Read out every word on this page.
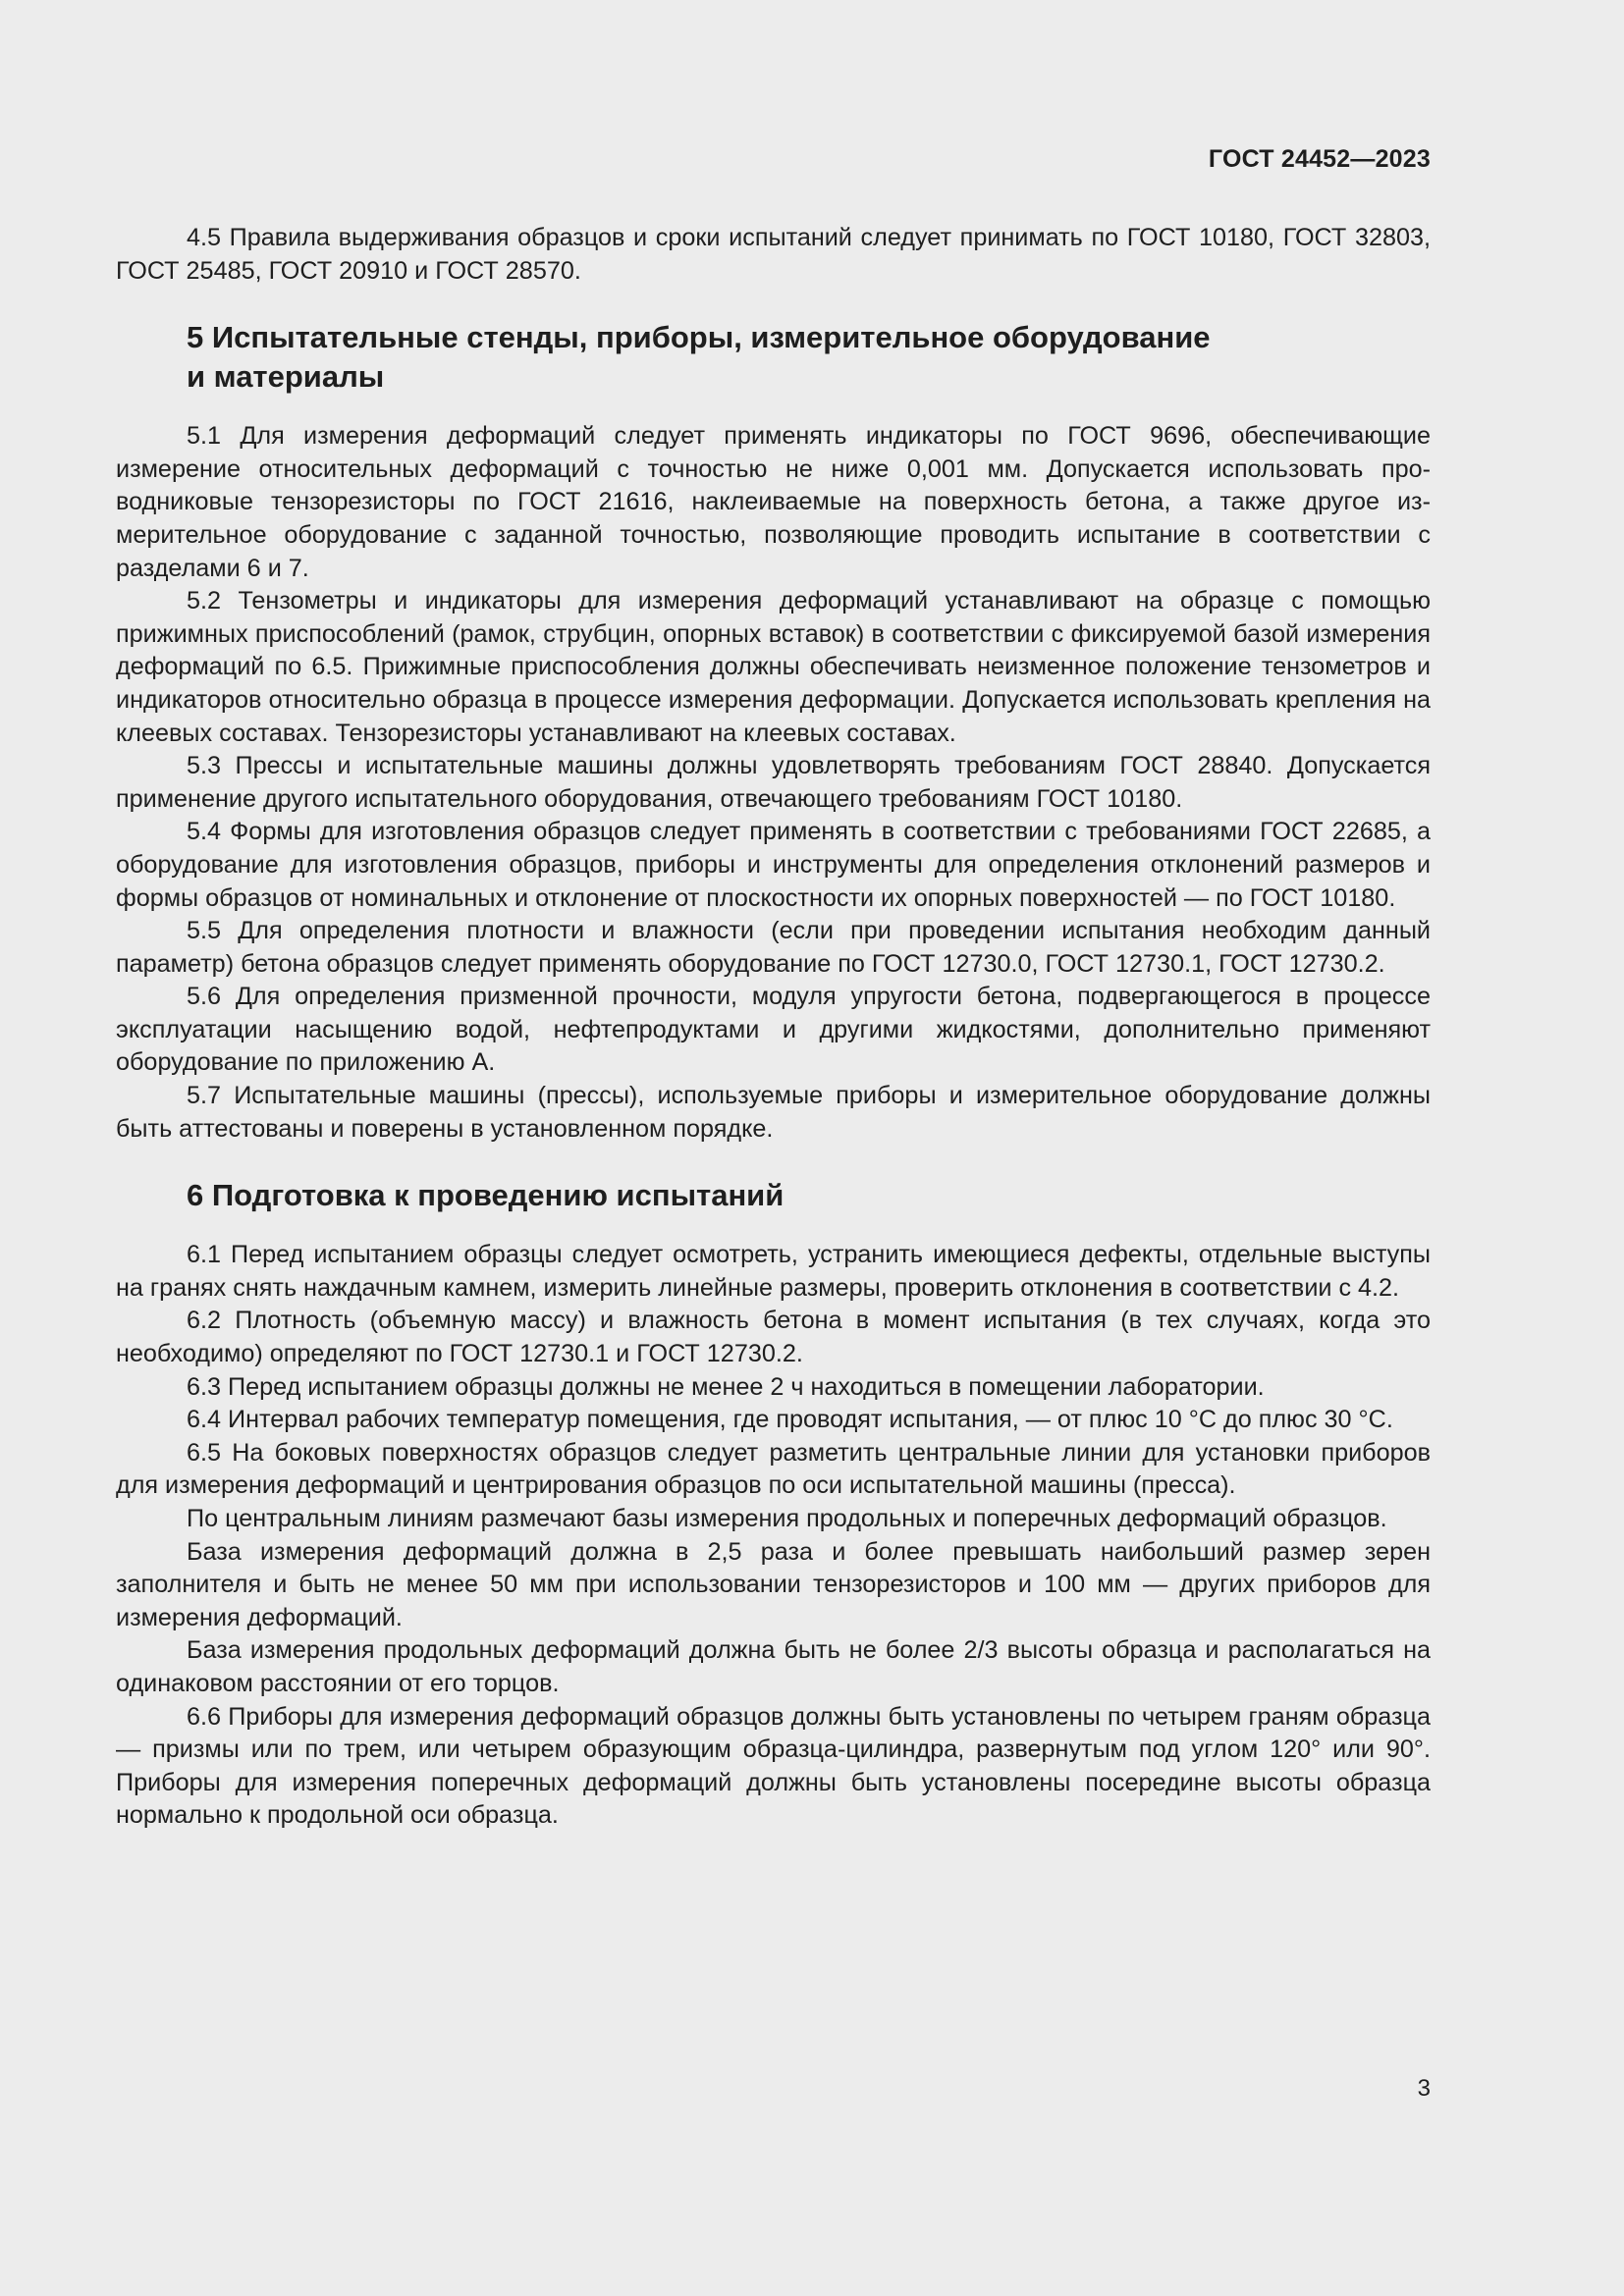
ГОСТ 24452—2023

4.5 Правила выдерживания образцов и сроки испытаний следует принимать по ГОСТ 10180, ГОСТ 32803, ГОСТ 25485, ГОСТ 20910 и ГОСТ 28570.

5 Испытательные стенды, приборы, измерительное оборудование
и материалы

5.1 Для измерения деформаций следует применять индикаторы по ГОСТ 9696, обеспечивающие измерение относительных деформаций с точностью не ниже 0,001 мм. Допускается использовать проводниковые тензорезисторы по ГОСТ 21616, наклеиваемые на поверхность бетона, а также другое измерительное оборудование с заданной точностью, позволяющие проводить испытание в соответствии с разделами 6 и 7.

5.2 Тензометры и индикаторы для измерения деформаций устанавливают на образце с помощью прижимных приспособлений (рамок, струбцин, опорных вставок) в соответствии с фиксируемой базой измерения деформаций по 6.5. Прижимные приспособления должны обеспечивать неизменное положение тензометров и индикаторов относительно образца в процессе измерения деформации. Допускается использовать крепления на клеевых составах. Тензорезисторы устанавливают на клеевых составах.

5.3 Прессы и испытательные машины должны удовлетворять требованиям ГОСТ 28840. Допускается применение другого испытательного оборудования, отвечающего требованиям ГОСТ 10180.

5.4 Формы для изготовления образцов следует применять в соответствии с требованиями ГОСТ 22685, а оборудование для изготовления образцов, приборы и инструменты для определения отклонений размеров и формы образцов от номинальных и отклонение от плоскостности их опорных поверхностей — по ГОСТ 10180.

5.5 Для определения плотности и влажности (если при проведении испытания необходим данный параметр) бетона образцов следует применять оборудование по ГОСТ 12730.0, ГОСТ 12730.1, ГОСТ 12730.2.

5.6 Для определения призменной прочности, модуля упругости бетона, подвергающегося в процессе эксплуатации насыщению водой, нефтепродуктами и другими жидкостями, дополнительно применяют оборудование по приложению А.

5.7 Испытательные машины (прессы), используемые приборы и измерительное оборудование должны быть аттестованы и поверены в установленном порядке.

6 Подготовка к проведению испытаний

6.1 Перед испытанием образцы следует осмотреть, устранить имеющиеся дефекты, отдельные выступы на гранях снять наждачным камнем, измерить линейные размеры, проверить отклонения в соответствии с 4.2.

6.2 Плотность (объемную массу) и влажность бетона в момент испытания (в тех случаях, когда это необходимо) определяют по ГОСТ 12730.1 и ГОСТ 12730.2.

6.3 Перед испытанием образцы должны не менее 2 ч находиться в помещении лаборатории.

6.4 Интервал рабочих температур помещения, где проводят испытания, — от плюс 10 °С до плюс 30 °С.

6.5 На боковых поверхностях образцов следует разметить центральные линии для установки приборов для измерения деформаций и центрирования образцов по оси испытательной машины (пресса).

По центральным линиям размечают базы измерения продольных и поперечных деформаций образцов.

База измерения деформаций должна в 2,5 раза и более превышать наибольший размер зерен заполнителя и быть не менее 50 мм при использовании тензорезисторов и 100 мм — других приборов для измерения деформаций.

База измерения продольных деформаций должна быть не более 2/3 высоты образца и располагаться на одинаковом расстоянии от его торцов.

6.6 Приборы для измерения деформаций образцов должны быть установлены по четырем граням образца — призмы или по трем, или четырем образующим образца-цилиндра, развернутым под углом 120° или 90°. Приборы для измерения поперечных деформаций должны быть установлены посередине высоты образца нормально к продольной оси образца.

3
